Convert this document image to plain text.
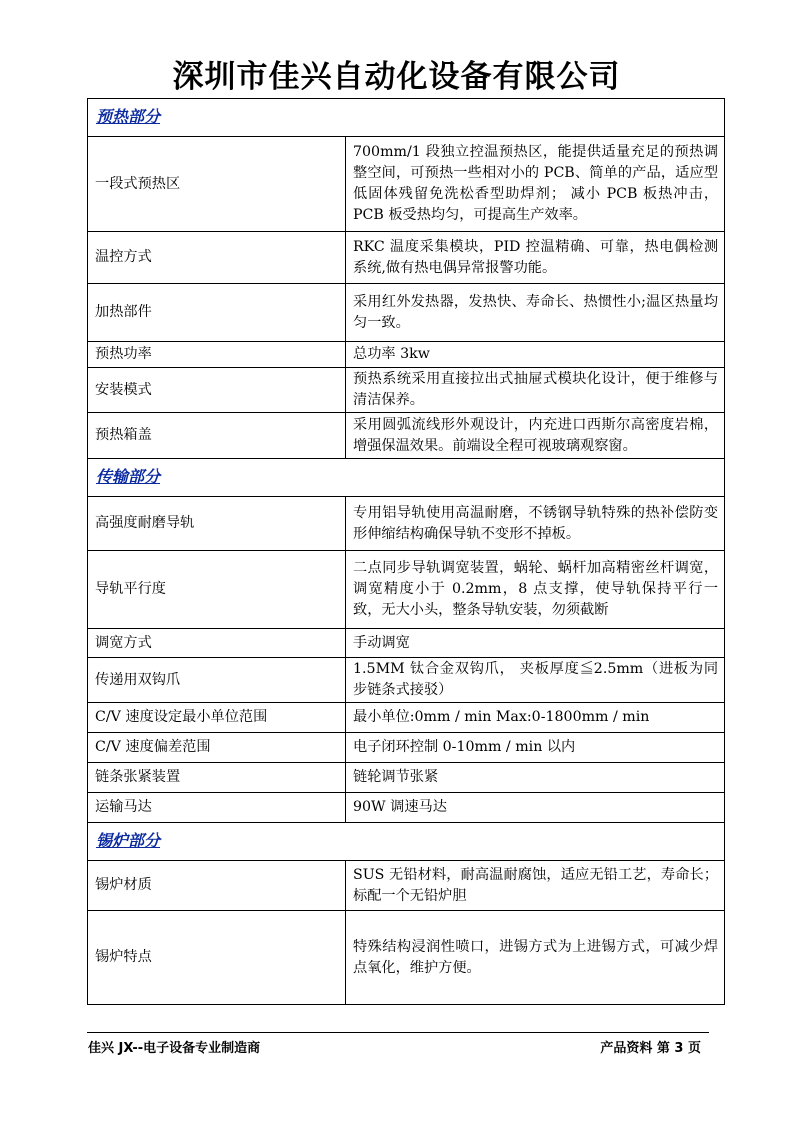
深圳市佳兴自动化设备有限公司
预热部分	
一段式预热区	700mm/1 段独立控温预热区，能提供适量充足的预热调整空间，可预热一些相对小的 PCB、简单的产品，适应型低固体残留免洗松香型助焊剂； 减小 PCB 板热冲击，PCB 板受热均匀，可提高生产效率。
温控方式	RKC 温度采集模块，PID 控温精确、可靠，热电偶检测系统,做有热电偶异常报警功能。
加热部件	采用红外发热器，发热快、寿命长、热惯性小;温区热量均匀一致。
预热功率	总功率 3kw
安装模式	预热系统采用直接拉出式抽屉式模块化设计，便于维修与清洁保养。
预热箱盖	采用圆弧流线形外观设计，内充进口西斯尔高密度岩棉，增强保温效果。前端设全程可视玻璃观察窗。
传输部分	
高强度耐磨导轨	专用铝导轨使用高温耐磨，不锈钢导轨特殊的热补偿防变形伸缩结构确保导轨不变形不掉板。
导轨平行度	二点同步导轨调宽装置，蜗轮、蜗杆加高精密丝杆调宽，调宽精度小于 0.2mm，8 点支撑，使导轨保持平行一致，无大小头，整条导轨安装，勿须截断
调宽方式	手动调宽
传递用双钩爪	1.5MM 钛合金双钩爪， 夹板厚度≦2.5mm（进板为同步链条式接驳）
C/V 速度设定最小单位范围	最小单位:0mm / min Max:0-1800mm / min
C/V 速度偏差范围	电子闭环控制 0-10mm / min 以内
链条张紧装置	链轮调节张紧
运输马达	90W 调速马达
锡炉部分	
锡炉材质	SUS 无铅材料，耐高温耐腐蚀，适应无铅工艺，寿命长；标配一个无铅炉胆
锡炉特点	特殊结构浸润性喷口，进锡方式为上进锡方式，可减少焊点氧化，维护方便。
佳兴 JX--电子设备专业制造商	产品资料 第 3 页
